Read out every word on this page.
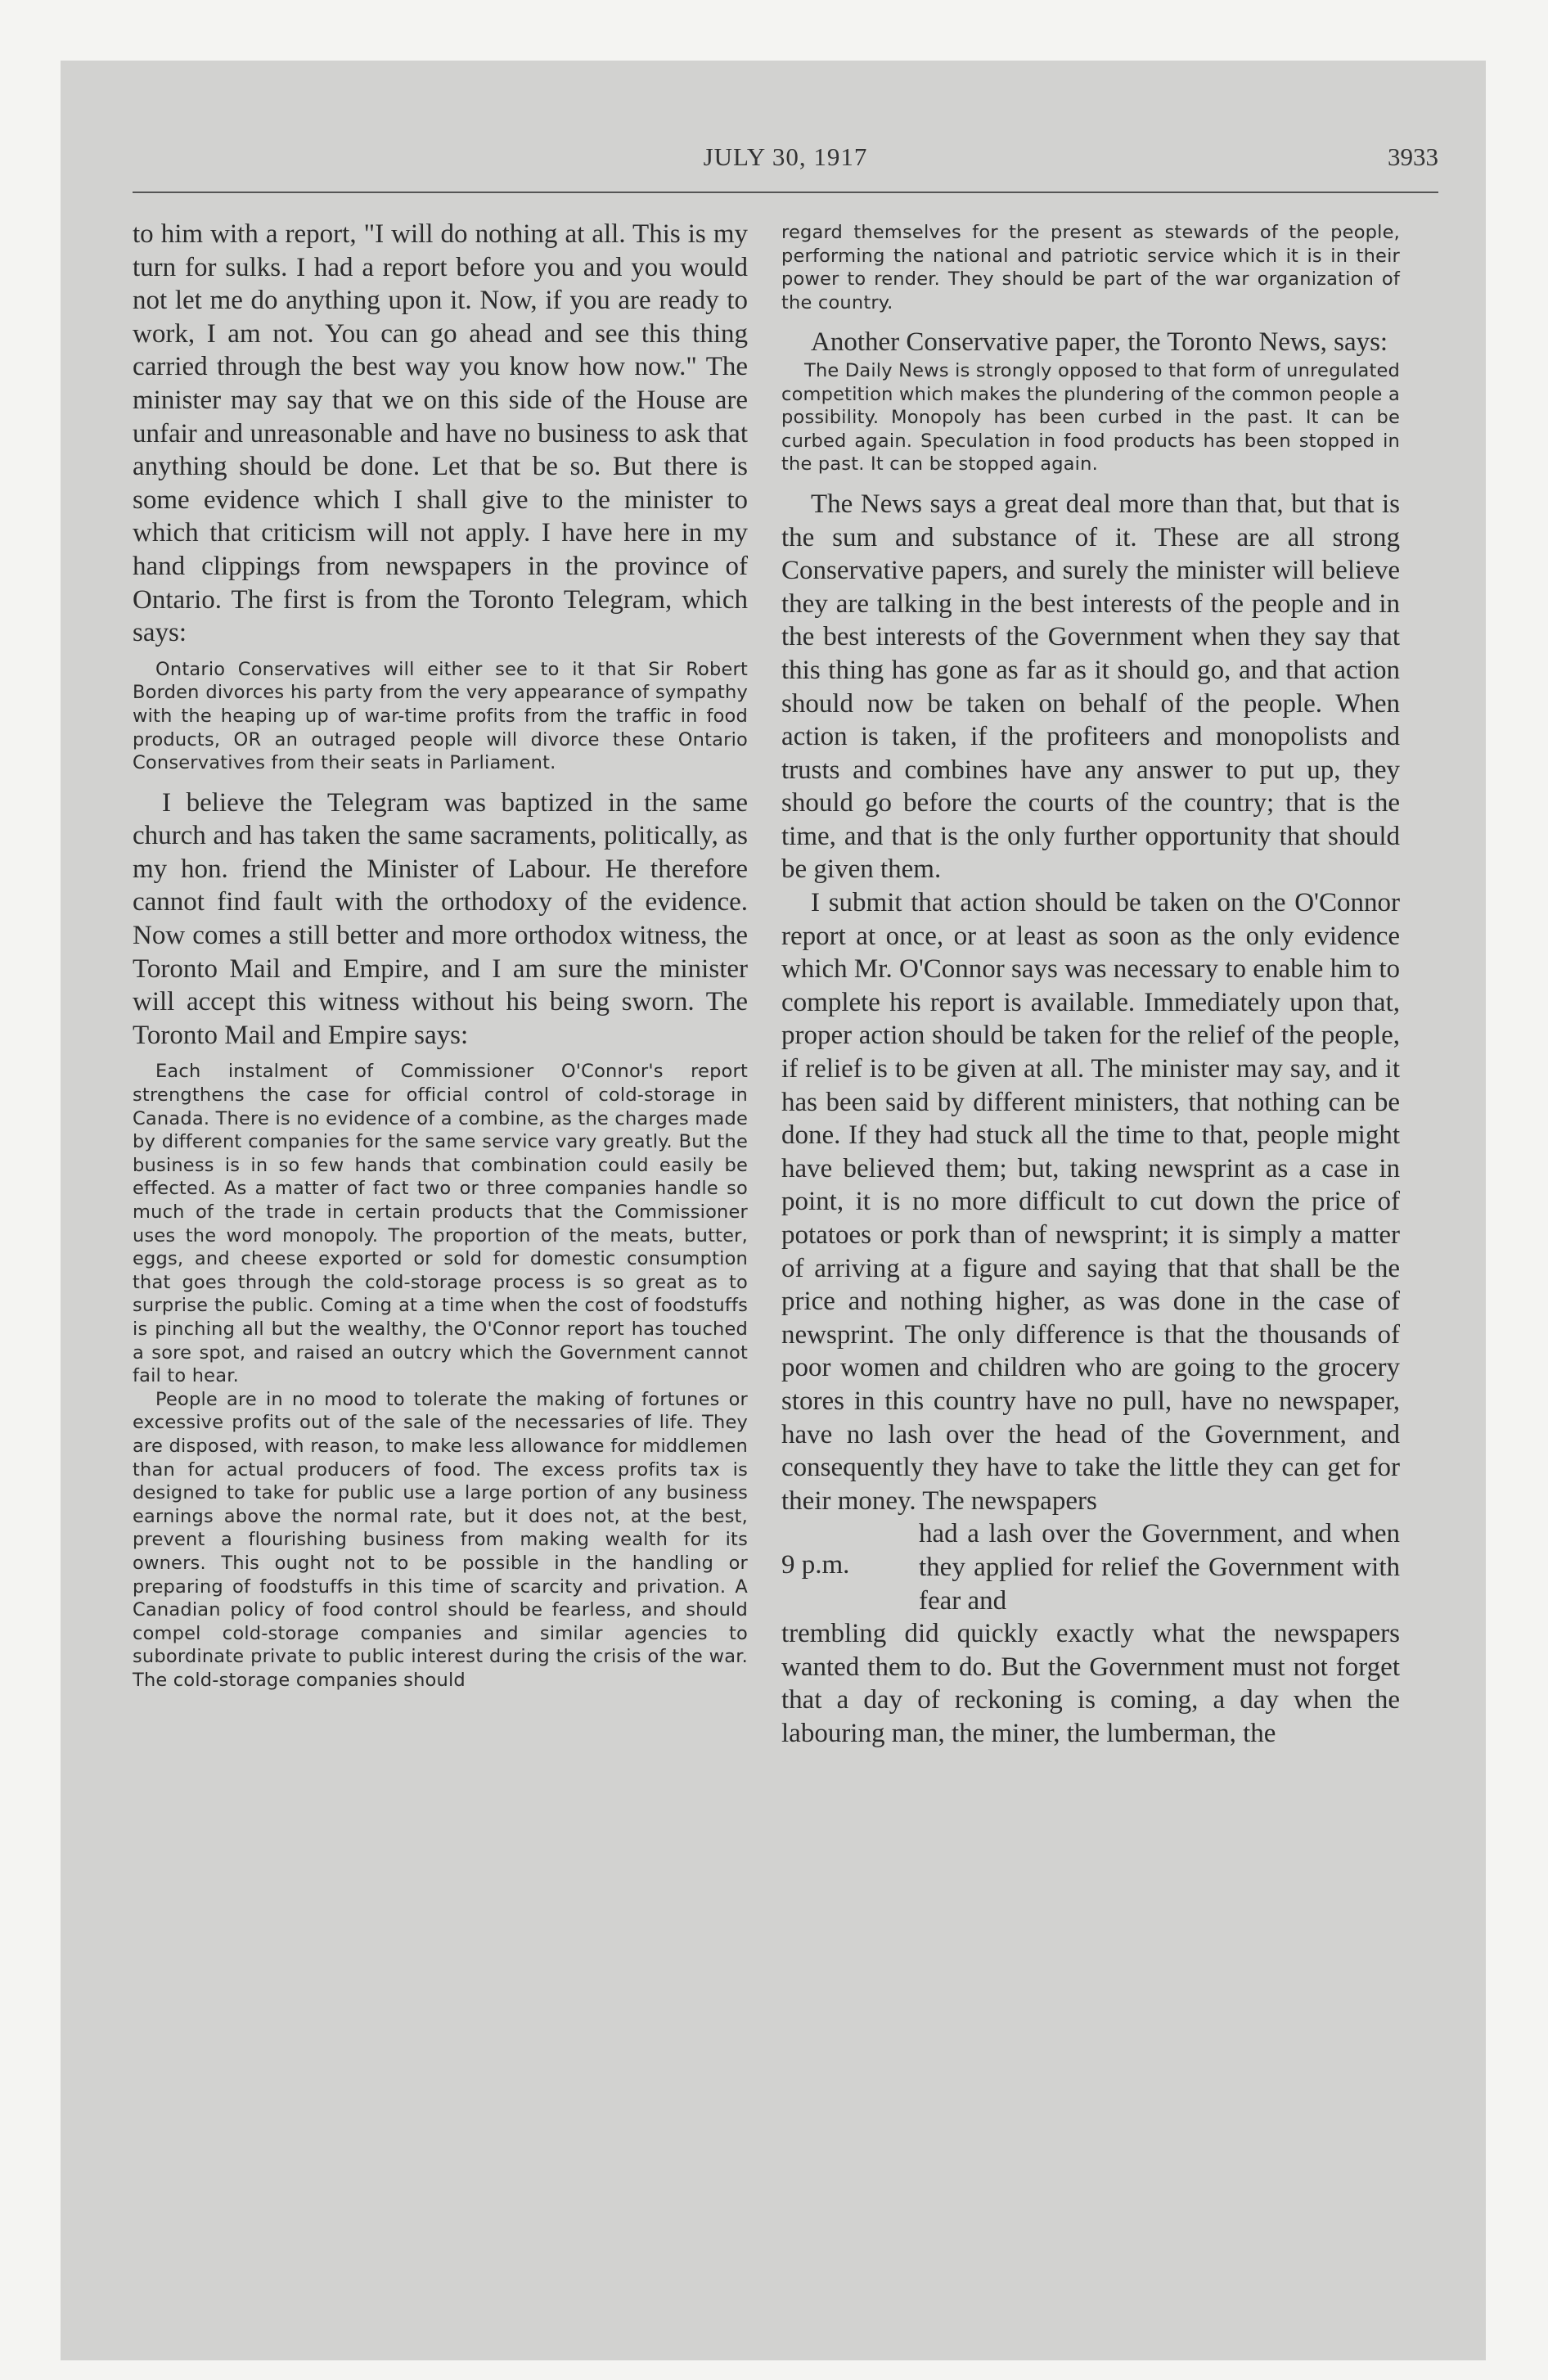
JULY 30, 1917	3933

to him with a report, "I will do nothing at all. This is my turn for sulks. I had a report before you and you would not let me do anything upon it. Now, if you are ready to work, I am not. You can go ahead and see this thing carried through the best way you know how now." The minister may say that we on this side of the House are unfair and unreasonable and have no business to ask that anything should be done. Let that be so. But there is some evidence which I shall give to the minister to which that criticism will not apply. I have here in my hand clippings from newspapers in the province of Ontario. The first is from the Toronto Telegram, which says:

Ontario Conservatives will either see to it that Sir Robert Borden divorces his party from the very appearance of sympathy with the heaping up of war-time profits from the traffic in food products, OR an outraged people will divorce these Ontario Conservatives from their seats in Parliament.

I believe the Telegram was baptized in the same church and has taken the same sacraments, politically, as my hon. friend the Minister of Labour. He therefore cannot find fault with the orthodoxy of the evidence. Now comes a still better and more orthodox witness, the Toronto Mail and Empire, and I am sure the minister will accept this witness without his being sworn. The Toronto Mail and Empire says:

Each instalment of Commissioner O'Connor's report strengthens the case for official control of cold-storage in Canada. There is no evidence of a combine, as the charges made by different companies for the same service vary greatly. But the business is in so few hands that combination could easily be effected. As a matter of fact two or three companies handle so much of the trade in certain products that the Commissioner uses the word monopoly. The proportion of the meats, butter, eggs, and cheese exported or sold for domestic consumption that goes through the cold-storage process is so great as to surprise the public. Coming at a time when the cost of foodstuffs is pinching all but the wealthy, the O'Connor report has touched a sore spot, and raised an outcry which the Government cannot fail to hear.

People are in no mood to tolerate the making of fortunes or excessive profits out of the sale of the necessaries of life. They are disposed, with reason, to make less allowance for middlemen than for actual producers of food. The excess profits tax is designed to take for public use a large portion of any business earnings above the normal rate, but it does not, at the best, prevent a flourishing business from making wealth for its owners. This ought not to be possible in the handling or preparing of foodstuffs in this time of scarcity and privation. A Canadian policy of food control should be fearless, and should compel cold-storage companies and similar agencies to subordinate private to public interest during the crisis of the war. The cold-storage companies should

regard themselves for the present as stewards of the people, performing the national and patriotic service which it is in their power to render. They should be part of the war organization of the country.

Another Conservative paper, the Toronto News, says:

The Daily News is strongly opposed to that form of unregulated competition which makes the plundering of the common people a possibility. Monopoly has been curbed in the past. It can be curbed again. Speculation in food products has been stopped in the past. It can be stopped again.

The News says a great deal more than that, but that is the sum and substance of it. These are all strong Conservative papers, and surely the minister will believe they are talking in the best interests of the people and in the best interests of the Government when they say that this thing has gone as far as it should go, and that action should now be taken on behalf of the people. When action is taken, if the profiteers and monopolists and trusts and combines have any answer to put up, they should go before the courts of the country; that is the time, and that is the only further opportunity that should be given them.

I submit that action should be taken on the O'Connor report at once, or at least as soon as the only evidence which Mr. O'Connor says was necessary to enable him to complete his report is available. Immediately upon that, proper action should be taken for the relief of the people, if relief is to be given at all. The minister may say, and it has been said by different ministers, that nothing can be done. If they had stuck all the time to that, people might have believed them; but, taking newsprint as a case in point, it is no more difficult to cut down the price of potatoes or pork than of newsprint; it is simply a matter of arriving at a figure and saying that that shall be the price and nothing higher, as was done in the case of newsprint. The only difference is that the thousands of poor women and children who are going to the grocery stores in this country have no pull, have no newspaper, have no lash over the head of the Government, and consequently they have to take the little they can get for their money. The newspapers

9 p.m.

had a lash over the Government, and when they applied for relief the Government with fear and

trembling did quickly exactly what the newspapers wanted them to do. But the Government must not forget that a day of reckoning is coming, a day when the labouring man, the miner, the lumberman, the
